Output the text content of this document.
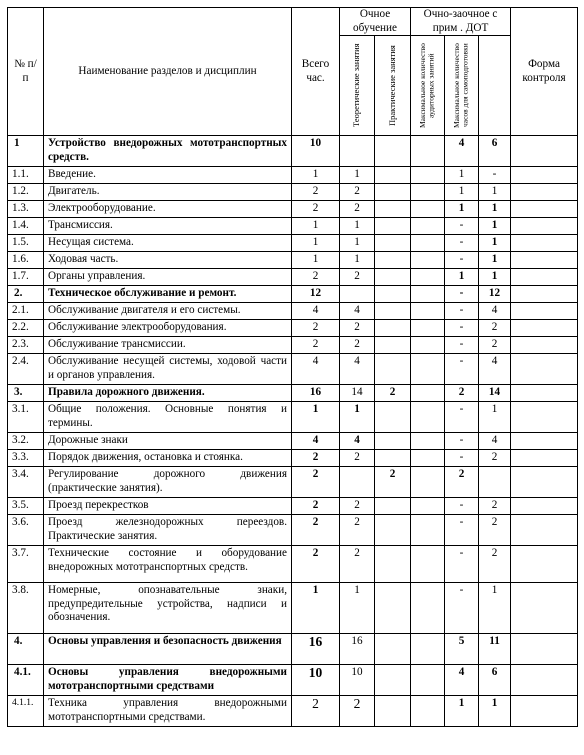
№ п/п	Наименование разделов и дисциплин	Всего час.	Очное обучение		Очно-заочное с прим . ДОТ			Форма контроля

Теоретические занятия	Практические занятия	Максимальное количество аудиторных занятий	Максимальное количество часов для самоподготовки		

1	Устройство внедорожных мототранспортных средств.	10				4	6	
1.1.	Введение.	1	1			1	-	
1.2.	Двигатель.	2	2			1	1	
1.3.	Электрооборудование.	2	2			1	1	
1.4.	Трансмиссия.	1	1			-	1	
1.5.	Несущая система.	1	1			-	1	
1.6.	Ходовая часть.	1	1			-	1	
1.7.	Органы управления.	2	2			1	1	
2.	Техническое обслуживание и ремонт.	12				-	12	
2.1.	Обслуживание двигателя и его системы.	4	4			-	4	
2.2.	Обслуживание электрооборудования.	2	2			-	2	
2.3.	Обслуживание трансмиссии.	2	2			-	2	
2.4.	Обслуживание несущей системы, ходовой части и органов управления.	4	4			-	4	
3.	Правила дорожного движения.	16	14	2		2	14	
3.1.	Общие положения. Основные понятия и термины.	1	1			-	1	
3.2.	Дорожные знаки	4	4			-	4	
3.3.	Порядок движения, остановка и стоянка.	2	2			-	2	
3.4.	Регулирование дорожного движения (практические занятия).	2		2		2		
3.5.	Проезд перекрестков	2	2			-	2	
3.6.	Проезд железнодорожных переездов. Практические занятия.	2	2			-	2	
3.7.	Технические состояние и оборудование внедорожных мототранспортных средств.	2	2			-	2	
3.8.	Номерные, опознавательные знаки, предупредительные устройства, надписи и обозначения.	1	1			-	1	
4.	Основы управления и безопасность движения	16	16			5	11	
4.1.	Основы управления внедорожными мототранспортными средствами	10	10			4	6	
4.1.1.	Техника управления внедорожными мототранспортными средствами.	2	2			1	1	
